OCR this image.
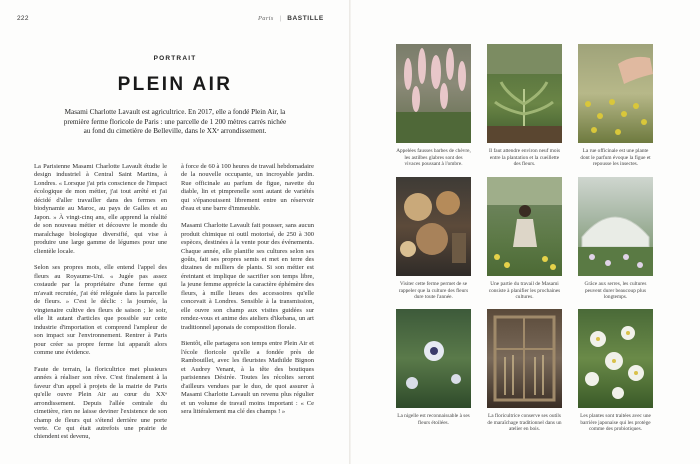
222	Paris | BASTILLE
PORTRAIT
PLEIN AIR
Masami Charlotte Lavault est agricultrice. En 2017, elle a fondé Plein Air, la première ferme floricole de Paris : une parcelle de 1 200 mètres carrés nichée au fond du cimetière de Belleville, dans le XXᵉ arrondissement.

La Parisienne Masami Charlotte Lavault étudie le design industriel à Central Saint Martins, à Londres. « Lorsque j'ai pris conscience de l'impact écologique de mon métier, j'ai tout arrêté et j'ai décidé d'aller travailler dans des fermes en biodynamie au Maroc, au pays de Galles et au Japon. » À vingt-cinq ans, elle apprend la réalité de son nouveau métier et découvre le monde du maraîchage biologique diversifié, qui vise à produire une large gamme de légumes pour une clientèle locale.

Selon ses propres mots, elle entend l'appel des fleurs au Royaume-Uni. « Jugée pas assez costaude par la propriétaire d'une ferme qui m'avait recrutée, j'ai été reléguée dans la parcelle de fleurs. » C'est le déclic : la journée, la vingtenaire cultive des fleurs de saison ; le soir, elle lit autant d'articles que possible sur cette industrie d'importation et comprend l'ampleur de son impact sur l'environnement. Rentrer à Paris pour créer sa propre ferme lui apparaît alors comme une évidence.

Faute de terrain, la floricultrice met plusieurs années à réaliser son rêve. C'est finalement à la faveur d'un appel à projets de la mairie de Paris qu'elle ouvre Plein Air au cœur du XXᵉ arrondissement. Depuis l'allée centrale du cimetière, rien ne laisse deviner l'existence de son champ de fleurs qui s'étend derrière une porte verte. Ce qui était autrefois une prairie de chiendent est devenu,

à force de 60 à 100 heures de travail hebdomadaire de la nouvelle occupante, un incroyable jardin. Rue officinale au parfum de figue, navette du diable, lin et pimprenelle sont autant de variétés qui s'épanouissent librement entre un réservoir d'eau et une barre d'immeuble.

Masami Charlotte Lavault fait pousser, sans aucun produit chimique ni outil motorisé, de 250 à 300 espèces, destinées à la vente pour des événements. Chaque année, elle planifie ses cultures selon ses goûts, fait ses propres semis et met en terre des dizaines de milliers de plants. Si son métier est éreintant et implique de sacrifier son temps libre, la jeune femme apprécie la caractère éphémère des fleurs, à mille lieues des accessoires qu'elle concevait à Londres. Sensible à la transmission, elle ouvre son champ aux visites guidées sur rendez-vous et anime des ateliers d'ikebana, un art traditionnel japonais de composition florale.

Bientôt, elle partagera son temps entre Plein Air et l'école floricole qu'elle a fondée près de Rambouillet, avec les fleuristes Mathilde Bignon et Audrey Venant, à la tête des boutiques parisiennes Désirée. Toutes les récoltes seront d'ailleurs vendues par le duo, de quoi assurer à Masami Charlotte Lavault un revenu plus régulier et un volume de travail moins important : « Ce sera littéralement ma clé des champs ! »

Appelées fausses barbes de chèvre, les astilbes glabres sont des vivaces poussant à l'ombre.
Il faut attendre environ neuf mois entre la plantation et la cueillette des fleurs.
La rue officinale est une plante dont le parfum évoque la figue et repousse les insectes.
Visiter cette ferme permet de se rappeler que la culture des fleurs dure toute l'année.
Une partie du travail de Masami consiste à planifier les prochaines cultures.
Grâce aux serres, les cultures peuvent durer beaucoup plus longtemps.
La nigelle est reconnaissable à ses fleurs étoilées.
La floricultrice conserve ses outils de maraîchage traditionnel dans un atelier en bois.
Les plantes sont traitées avec une barrière japonaise qui les protège comme des probiotiques.
